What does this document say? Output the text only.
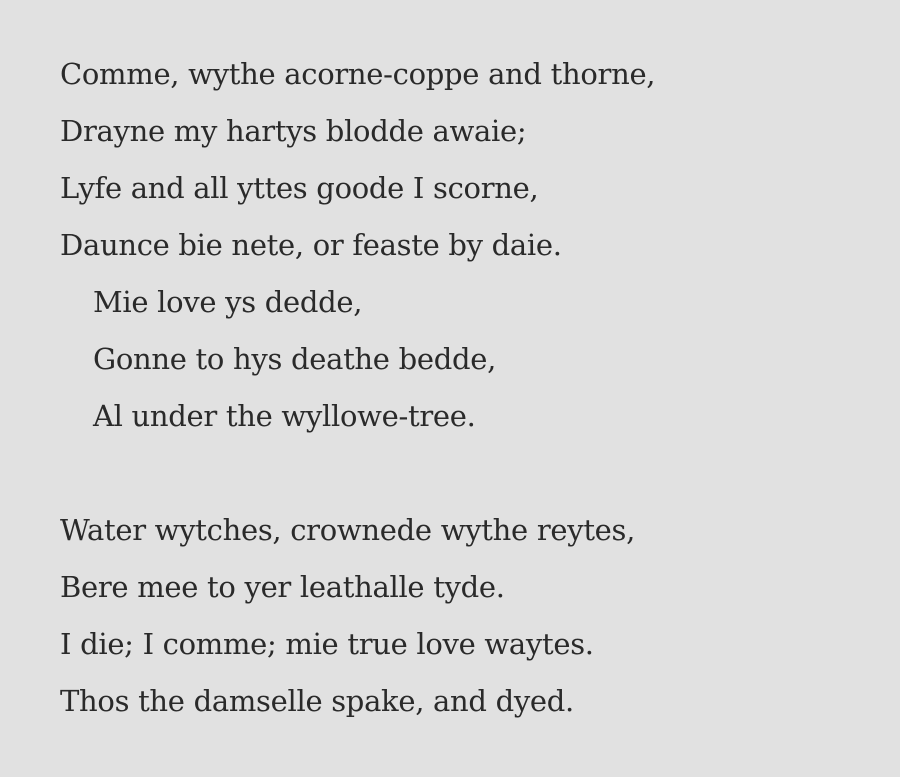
Comme, wythe acorne-coppe and thorne,
Drayne my hartys blodde awaie;
Lyfe and all yttes goode I scorne,
Daunce bie nete, or feaste by daie.
Mie love ys dedde,
Gonne to hys deathe bedde,
Al under the wyllowe-tree.
Water wytches, crownede wythe reytes,
Bere mee to yer leathalle tyde.
I die; I comme; mie true love waytes.
Thos the damselle spake, and dyed.
